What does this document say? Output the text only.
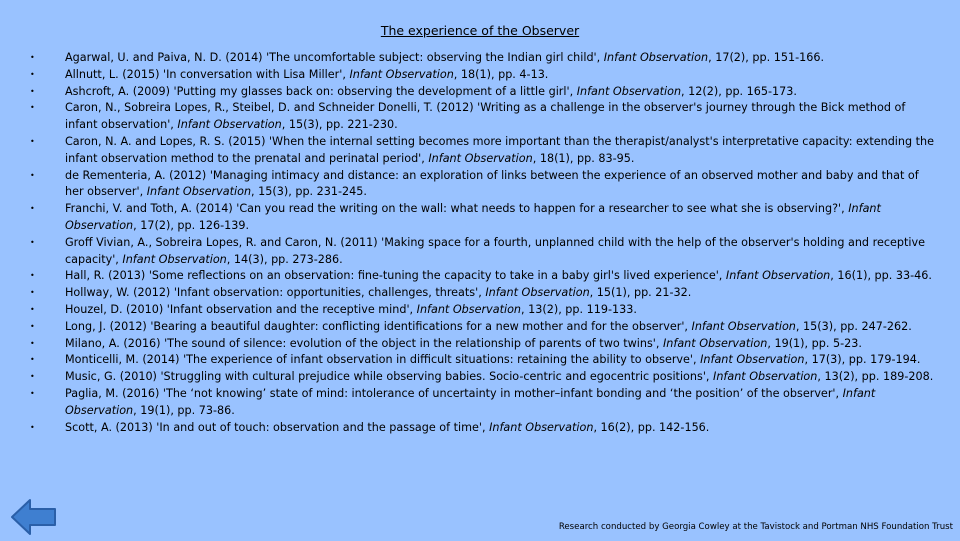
The experience of the Observer
•	Agarwal, U. and Paiva, N. D. (2014) 'The uncomfortable subject: observing the Indian girl child', Infant Observation, 17(2), pp. 151-166.
•	Allnutt, L. (2015) 'In conversation with Lisa Miller', Infant Observation, 18(1), pp. 4-13.
•	Ashcroft, A. (2009) 'Putting my glasses back on: observing the development of a little girl', Infant Observation, 12(2), pp. 165-173.
•	Caron, N., Sobreira Lopes, R., Steibel, D. and Schneider Donelli, T. (2012) 'Writing as a challenge in the observer's journey through the Bick method of infant observation', Infant Observation, 15(3), pp. 221-230.
•	Caron, N. A. and Lopes, R. S. (2015) 'When the internal setting becomes more important than the therapist/analyst's interpretative capacity: extending the infant observation method to the prenatal and perinatal period', Infant Observation, 18(1), pp. 83-95.
•	de Rementeria, A. (2012) 'Managing intimacy and distance: an exploration of links between the experience of an observed mother and baby and that of her observer', Infant Observation, 15(3), pp. 231-245.
•	Franchi, V. and Toth, A. (2014) 'Can you read the writing on the wall: what needs to happen for a researcher to see what she is observing?', Infant Observation, 17(2), pp. 126-139.
•	Groff Vivian, A., Sobreira Lopes, R. and Caron, N. (2011) 'Making space for a fourth, unplanned child with the help of the observer's holding and receptive capacity', Infant Observation, 14(3), pp. 273-286.
•	Hall, R. (2013) 'Some reflections on an observation: fine-tuning the capacity to take in a baby girl's lived experience', Infant Observation, 16(1), pp. 33-46.
•	Hollway, W. (2012) 'Infant observation: opportunities, challenges, threats', Infant Observation, 15(1), pp. 21-32.
•	Houzel, D. (2010) 'Infant observation and the receptive mind', Infant Observation, 13(2), pp. 119-133.
•	Long, J. (2012) 'Bearing a beautiful daughter: conflicting identifications for a new mother and for the observer', Infant Observation, 15(3), pp. 247-262.
•	Milano, A. (2016) 'The sound of silence: evolution of the object in the relationship of parents of two twins', Infant Observation, 19(1), pp. 5-23.
•	Monticelli, M. (2014) 'The experience of infant observation in difficult situations: retaining the ability to observe', Infant Observation, 17(3), pp. 179-194.
•	Music, G. (2010) 'Struggling with cultural prejudice while observing babies. Socio-centric and egocentric positions', Infant Observation, 13(2), pp. 189-208.
•	Paglia, M. (2016) 'The ‘not knowing’ state of mind: intolerance of uncertainty in mother–infant bonding and ‘the position’ of the observer', Infant Observation, 19(1), pp. 73-86.
•	Scott, A. (2013) 'In and out of touch: observation and the passage of time', Infant Observation, 16(2), pp. 142-156.
Research conducted by Georgia Cowley at the Tavistock and Portman NHS Foundation Trust
